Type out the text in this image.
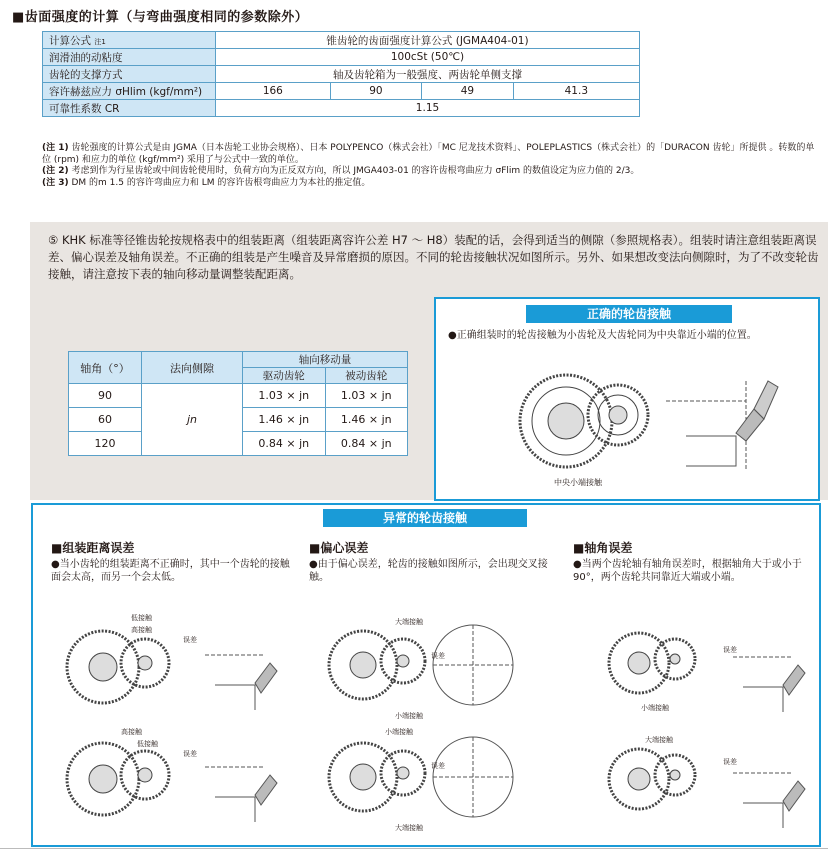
■齿面强度的计算（与弯曲强度相同的参数除外）
计算公式 注1	锥齿轮的齿面强度计算公式 (JGMA404-01)			
润滑油的动粘度	100cSt (50℃)			
齿轮的支撑方式	轴及齿轮箱为一般强度、两齿轮单侧支撑			
容许赫兹应力 σHlim (kgf/mm²)	166	90	49	41.3
可靠性系数 CR	1.15			
(注 1) 齿轮强度的计算公式是由 JGMA（日本齿轮工业协会规格）、日本 POLYPENCO（株式会社）「MC 尼龙技术资料」、POLEPLASTICS（株式会社）的「DURACON 齿轮」所提供 。转数的单位 (rpm) 和应力的单位 (kgf/mm²) 采用了与公式中一致的单位。
(注 2) 考虑到作为行星齿轮或中间齿轮使用时，负荷方向为正反双方向，所以 JMGA403-01 的容许齿根弯曲应力 σFlim 的数值设定为应力值的 2/3。
(注 3) DM 的m 1.5 的容许弯曲应力和 LM 的容许齿根弯曲应力为本社的推定值。
⑤ KHK 标准等径锥齿轮按规格表中的组装距离（组装距离容许公差 H7 ～ H8）装配的话，会得到适当的侧隙（参照规格表）。组装时请注意组装距离误差、偏心误差及轴角误差。不正确的组装是产生噪音及异常磨损的原因。不同的轮齿接触状况如图所示。另外、如果想改变法向侧隙时，为了不改变轮齿接触，请注意按下表的轴向移动量调整装配距离。
轴角（°）	法向侧隙	轴向移动量	
		驱动齿轮	被动齿轮
90	jn	1.03 × jn	1.03 × jn
60		1.46 × jn	1.46 × jn
120		0.84 × jn	0.84 × jn
正确的轮齿接触
●正确组装时的轮齿接触为小齿轮及大齿轮同为中央靠近小端的位置。
中央小端接触
异常的轮齿接触
■组装距离误差

●当小齿轮的组装距离不正确时，其中一个齿轮的接触面会太高，而另一个会太低。

■偏心误差

●由于偏心误差，轮齿的接触如图所示，会出现交叉接触。

■轴角误差

●当两个齿轮轴有轴角误差时，根据轴角大于或小于 90°，两个齿轮共同靠近大端或小端。

低接触
高接触
误差
高接触
低接触
误差
大端接触
误差
小端接触
小端接触
误差
大端接触
误差
小端接触
大端接触
误差
